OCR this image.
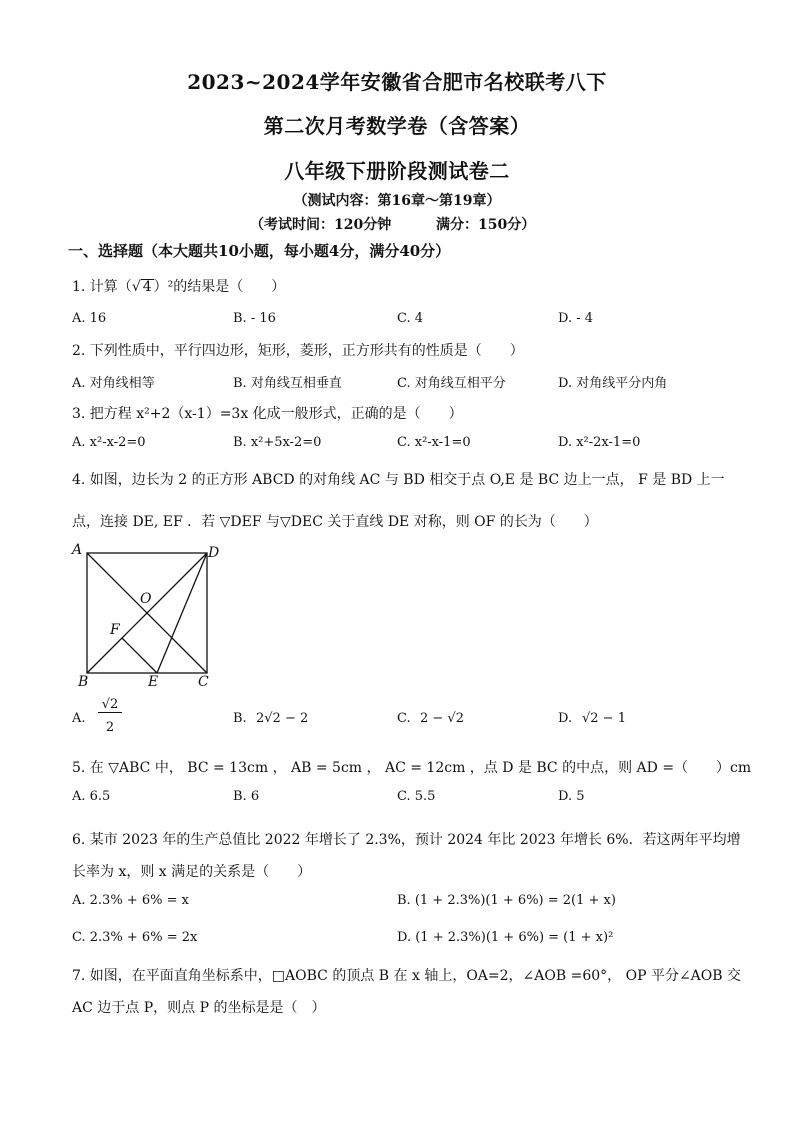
2023~2024学年安徽省合肥市名校联考八下
第二次月考数学卷（含答案）
八年级下册阶段测试卷二
（测试内容：第16章～第19章）
（考试时间：120分钟	满分：150分）
一、选择题（本大题共10小题，每小题4分，满分40分）
1. 计算（√ 4 ）²的结果是（　　）
A. 16	B. - 16	C. 4	D. - 4
2. 下列性质中，平行四边形，矩形，菱形，正方形共有的性质是（　　）
A. 对角线相等	B. 对角线互相垂直	C. 对角线互相平分	D. 对角线平分内角
3. 把方程 x²+2（x-1）=3x 化成一般形式，正确的是（　　）
A. x²-x-2=0	B. x²+5x-2=0	C. x²-x-1=0	D. x²-2x-1=0
4. 如图，边长为 2 的正方形 ABCD 的对角线 AC 与 BD 相交于点 O,E 是 BC 边上一点， F 是 BD 上一
点，连接 DE, EF ．若 ▽DEF 与▽DEC 关于直线 DE 对称，则 OF 的长为（　　）
A	D
O
F
B	E	C
A.
√2
2
B. 2√2 − 2	C. 2 − √2	D. √2 − 1
5. 在 ▽ABC 中， BC = 13cm ， AB = 5cm ， AC = 12cm ，点 D 是 BC 的中点，则 AD =（　　）cm
A. 6.5	B. 6	C. 5.5	D. 5
6. 某市 2023 年的生产总值比 2022 年增长了 2.3%，预计 2024 年比 2023 年增长 6%．若这两年平均增
长率为 x，则 x 满足的关系是（　　）
A. 2.3% + 6% = x	B. (1 + 2.3%)(1 + 6%) = 2(1 + x)
C. 2.3% + 6% = 2x	D. (1 + 2.3%)(1 + 6%) = (1 + x)²
7. 如图，在平面直角坐标系中，□AOBC 的顶点 B 在 x 轴上，OA=2，∠AOB =60°， OP 平分∠AOB 交
AC 边于点 P，则点 P 的坐标是是（　）
